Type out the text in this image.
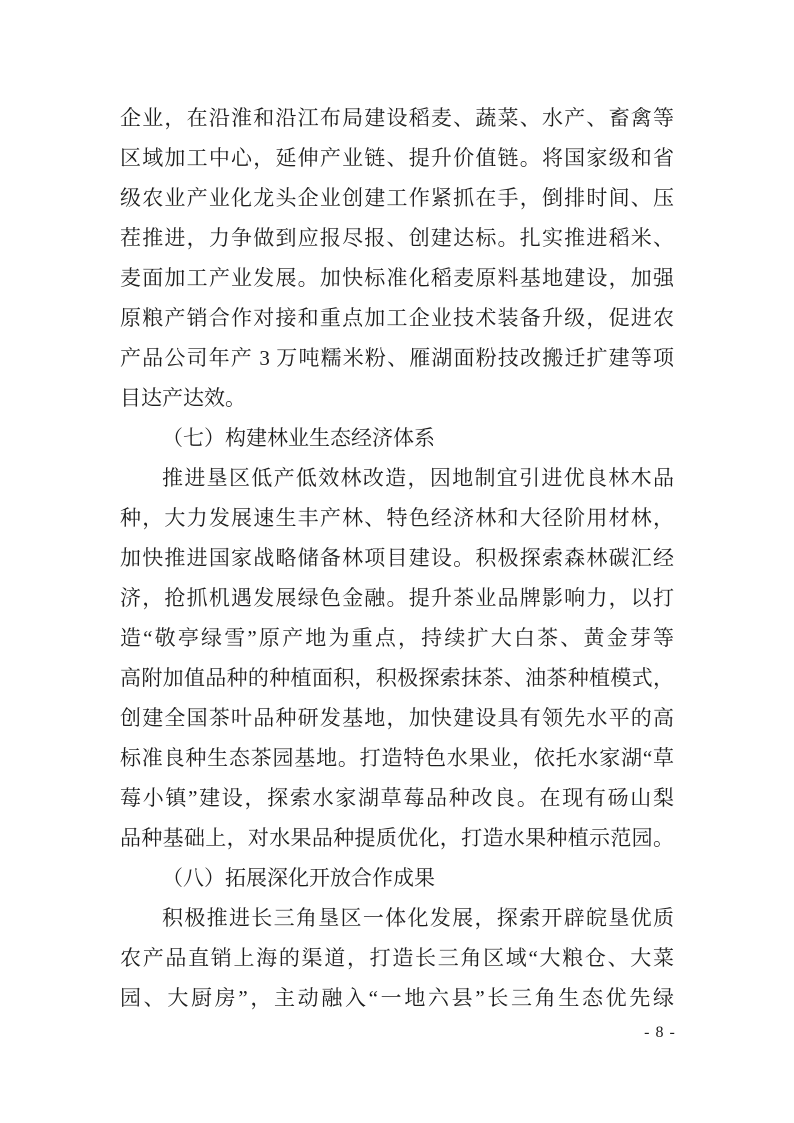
企业，在沿淮和沿江布局建设稻麦、蔬菜、水产、畜禽等
区域加工中心，延伸产业链、提升价值链。将国家级和省
级农业产业化龙头企业创建工作紧抓在手，倒排时间、压
茬推进，力争做到应报尽报、创建达标。扎实推进稻米、
麦面加工产业发展。加快标准化稻麦原料基地建设，加强
原粮产销合作对接和重点加工企业技术装备升级，促进农
产品公司年产 3 万吨糯米粉、雁湖面粉技改搬迁扩建等项
目达产达效。
（七）构建林业生态经济体系
推进垦区低产低效林改造，因地制宜引进优良林木品
种，大力发展速生丰产林、特色经济林和大径阶用材林，
加快推进国家战略储备林项目建设。积极探索森林碳汇经
济，抢抓机遇发展绿色金融。提升茶业品牌影响力，以打
造“敬亭绿雪”原产地为重点，持续扩大白茶、黄金芽等
高附加值品种的种植面积，积极探索抹茶、油茶种植模式，
创建全国茶叶品种研发基地，加快建设具有领先水平的高
标准良种生态茶园基地。打造特色水果业，依托水家湖“草
莓小镇”建设，探索水家湖草莓品种改良。在现有砀山梨
品种基础上，对水果品种提质优化，打造水果种植示范园。
（八）拓展深化开放合作成果
积极推进长三角垦区一体化发展，探索开辟皖垦优质
农产品直销上海的渠道，打造长三角区域“大粮仓、大菜
园、大厨房”，主动融入“一地六县”长三角生态优先绿
- 8 -
